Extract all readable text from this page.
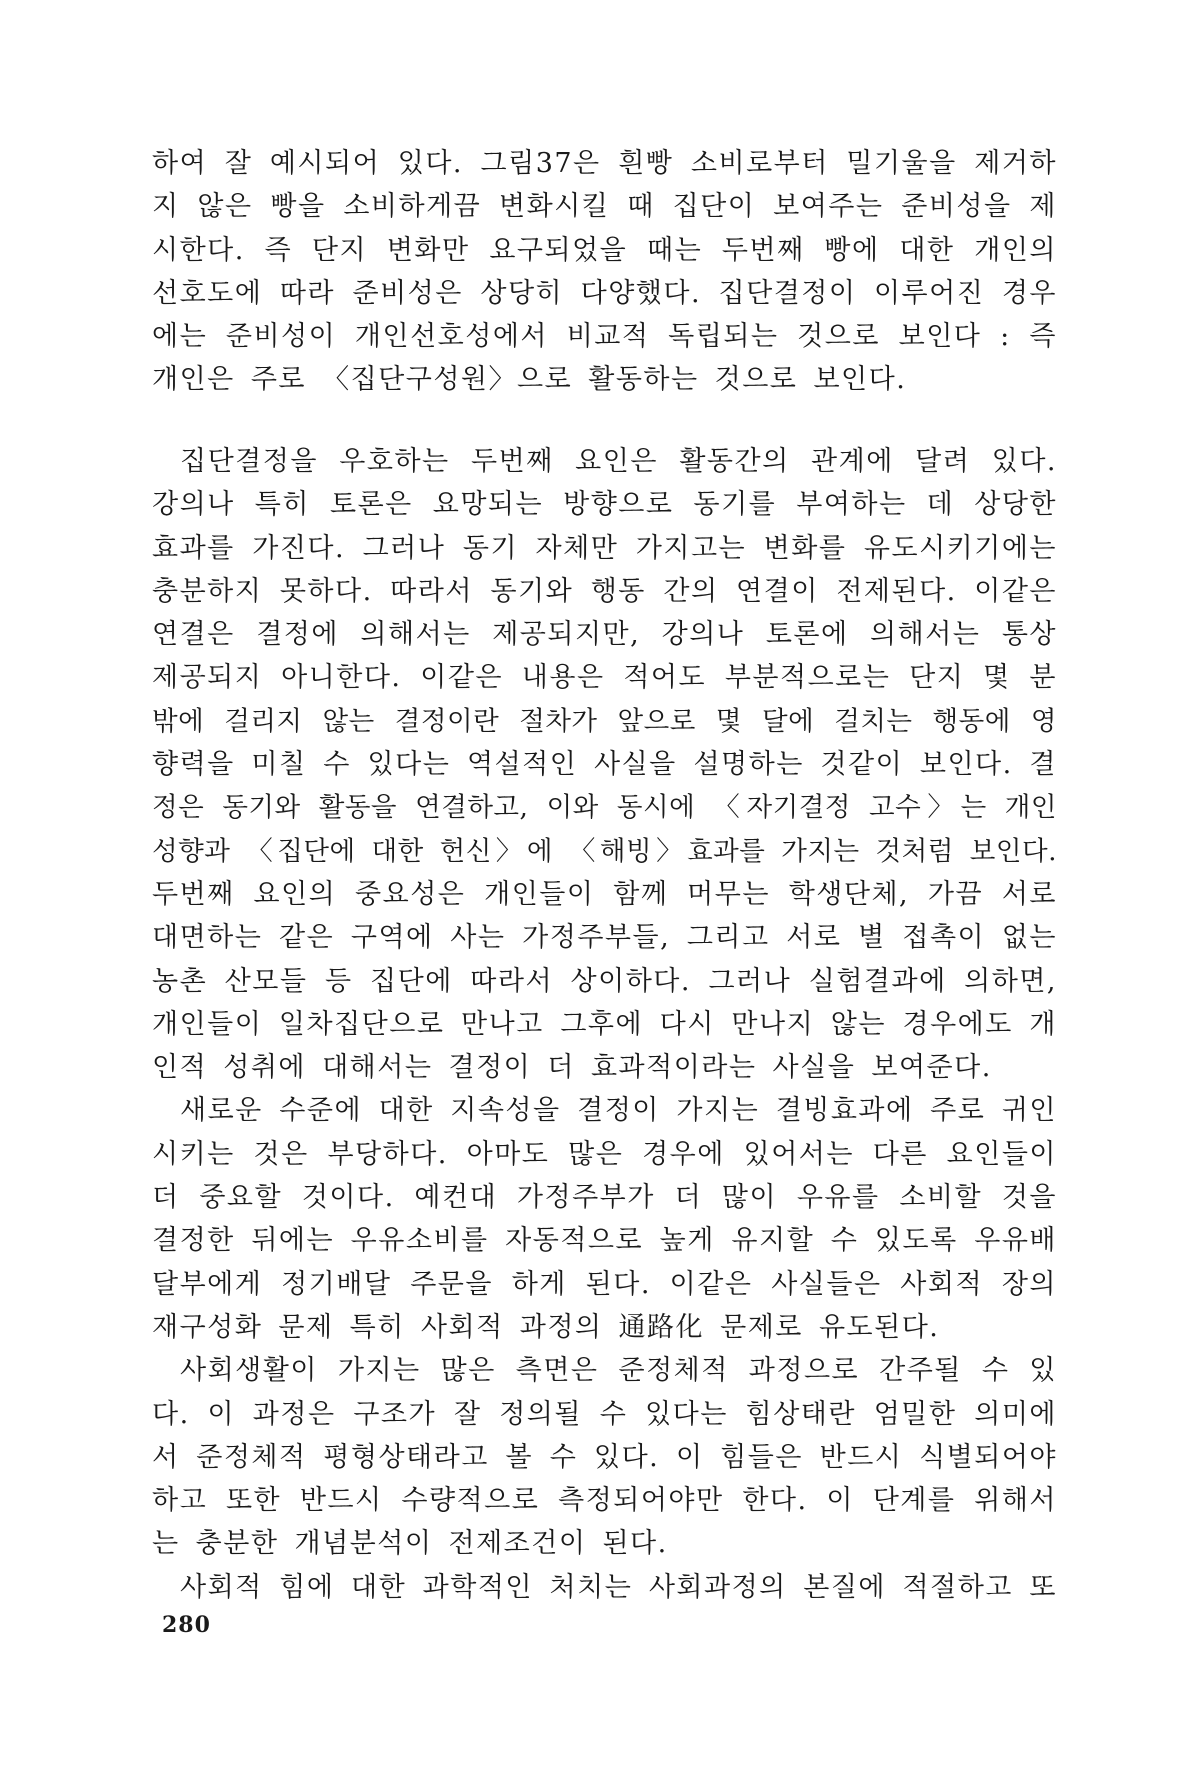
하여 잘 예시되어 있다. 그림37은 흰빵 소비로부터 밀기울을 제거하
지 않은 빵을 소비하게끔 변화시킬 때 집단이 보여주는 준비성을 제
시한다. 즉 단지 변화만 요구되었을 때는 두번째 빵에 대한 개인의
선호도에 따라 준비성은 상당히 다양했다. 집단결정이 이루어진 경우
에는 준비성이 개인선호성에서 비교적 독립되는 것으로 보인다 : 즉
개인은 주로 〈집단구성원〉으로 활동하는 것으로 보인다.
집단결정을 우호하는 두번째 요인은 활동간의 관계에 달려 있다.
강의나 특히 토론은 요망되는 방향으로 동기를 부여하는 데 상당한
효과를 가진다. 그러나 동기 자체만 가지고는 변화를 유도시키기에는
충분하지 못하다. 따라서 동기와 행동 간의 연결이 전제된다. 이같은
연결은 결정에 의해서는 제공되지만, 강의나 토론에 의해서는 통상
제공되지 아니한다. 이같은 내용은 적어도 부분적으로는 단지 몇 분
밖에 걸리지 않는 결정이란 절차가 앞으로 몇 달에 걸치는 행동에 영
향력을 미칠 수 있다는 역설적인 사실을 설명하는 것같이 보인다. 결
정은 동기와 활동을 연결하고, 이와 동시에 〈자기결정 고수〉는 개인
성향과 〈집단에 대한 헌신〉에 〈해빙〉효과를 가지는 것처럼 보인다.
두번째 요인의 중요성은 개인들이 함께 머무는 학생단체, 가끔 서로
대면하는 같은 구역에 사는 가정주부들, 그리고 서로 별 접촉이 없는
농촌 산모들 등 집단에 따라서 상이하다. 그러나 실험결과에 의하면,
개인들이 일차집단으로 만나고 그후에 다시 만나지 않는 경우에도 개
인적 성취에 대해서는 결정이 더 효과적이라는 사실을 보여준다.
새로운 수준에 대한 지속성을 결정이 가지는 결빙효과에 주로 귀인
시키는 것은 부당하다. 아마도 많은 경우에 있어서는 다른 요인들이
더 중요할 것이다. 예컨대 가정주부가 더 많이 우유를 소비할 것을
결정한 뒤에는 우유소비를 자동적으로 높게 유지할 수 있도록 우유배
달부에게 정기배달 주문을 하게 된다. 이같은 사실들은 사회적 장의
재구성화 문제 특히 사회적 과정의 通路化 문제로 유도된다.
사회생활이 가지는 많은 측면은 준정체적 과정으로 간주될 수 있
다. 이 과정은 구조가 잘 정의될 수 있다는 힘상태란 엄밀한 의미에
서 준정체적 평형상태라고 볼 수 있다. 이 힘들은 반드시 식별되어야
하고 또한 반드시 수량적으로 측정되어야만 한다. 이 단계를 위해서
는 충분한 개념분석이 전제조건이 된다.
사회적 힘에 대한 과학적인 처치는 사회과정의 본질에 적절하고 또
280
